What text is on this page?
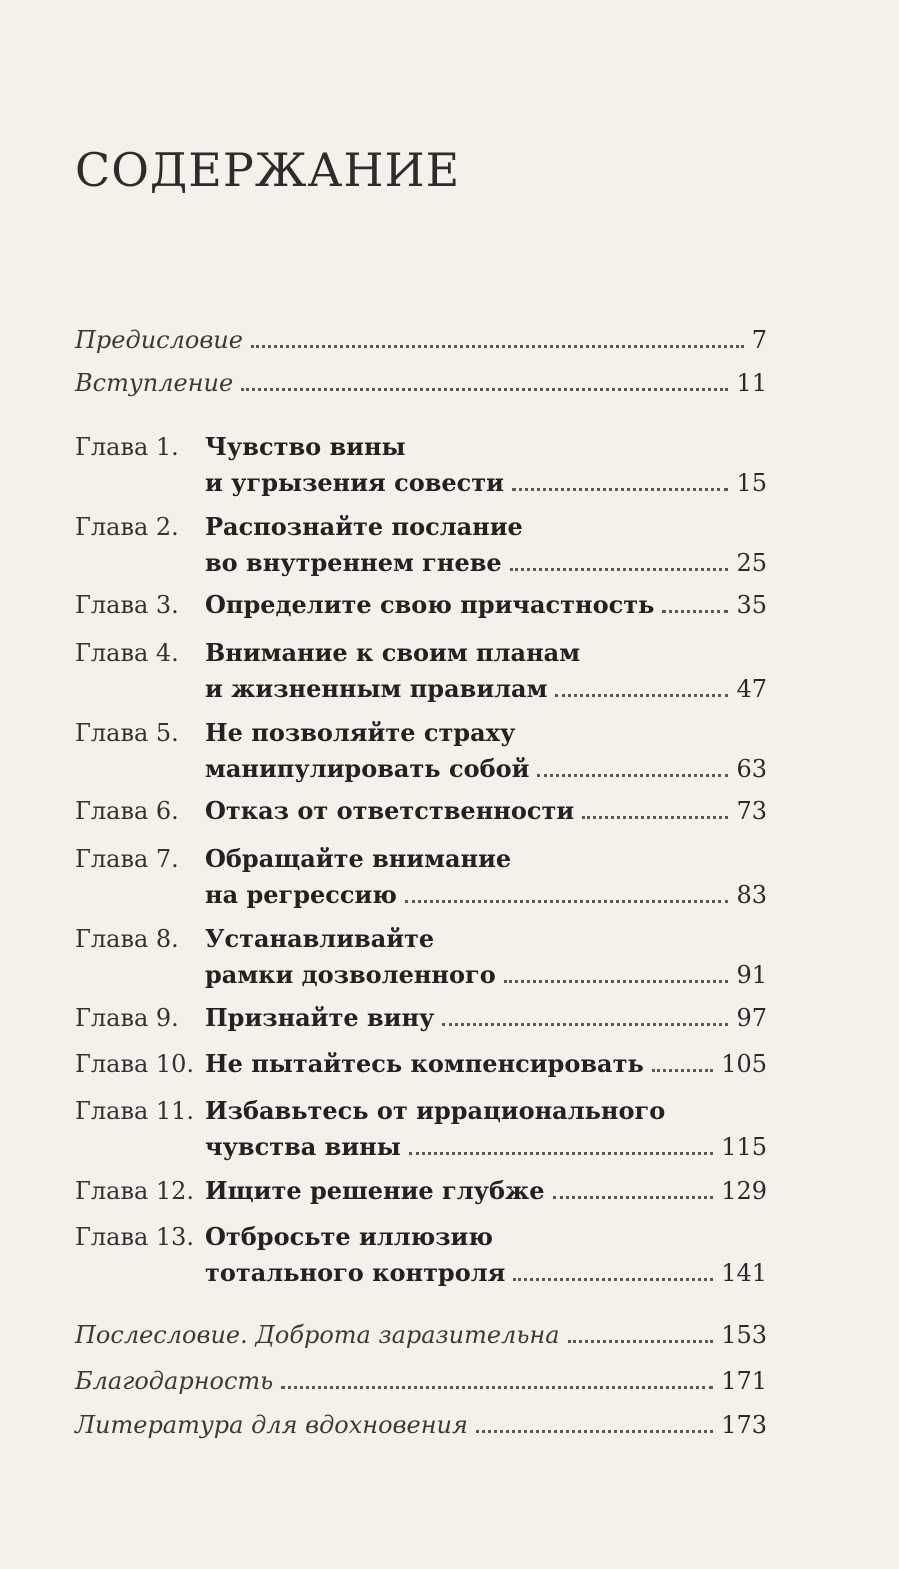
СОДЕРЖАНИЕ
Предисловие	7
Вступление	11
Глава 1. Чувство вины
и угрызения совести	15
Глава 2. Распознайте послание
во внутреннем гневе	25
Глава 3. Определите свою причастность	35
Глава 4. Внимание к своим планам
и жизненным правилам	47
Глава 5. Не позволяйте страху
манипулировать собой	63
Глава 6. Отказ от ответственности	73
Глава 7. Обращайте внимание
на регрессию	83
Глава 8. Устанавливайте
рамки дозволенного	91
Глава 9. Признайте вину	97
Глава 10. Не пытайтесь компенсировать	105
Глава 11. Избавьтесь от иррационального
чувства вины	115
Глава 12. Ищите решение глубже	129
Глава 13. Отбросьте иллюзию
тотального контроля	141
Послесловие. Доброта заразительна	153
Благодарность	171
Литература для вдохновения	173
